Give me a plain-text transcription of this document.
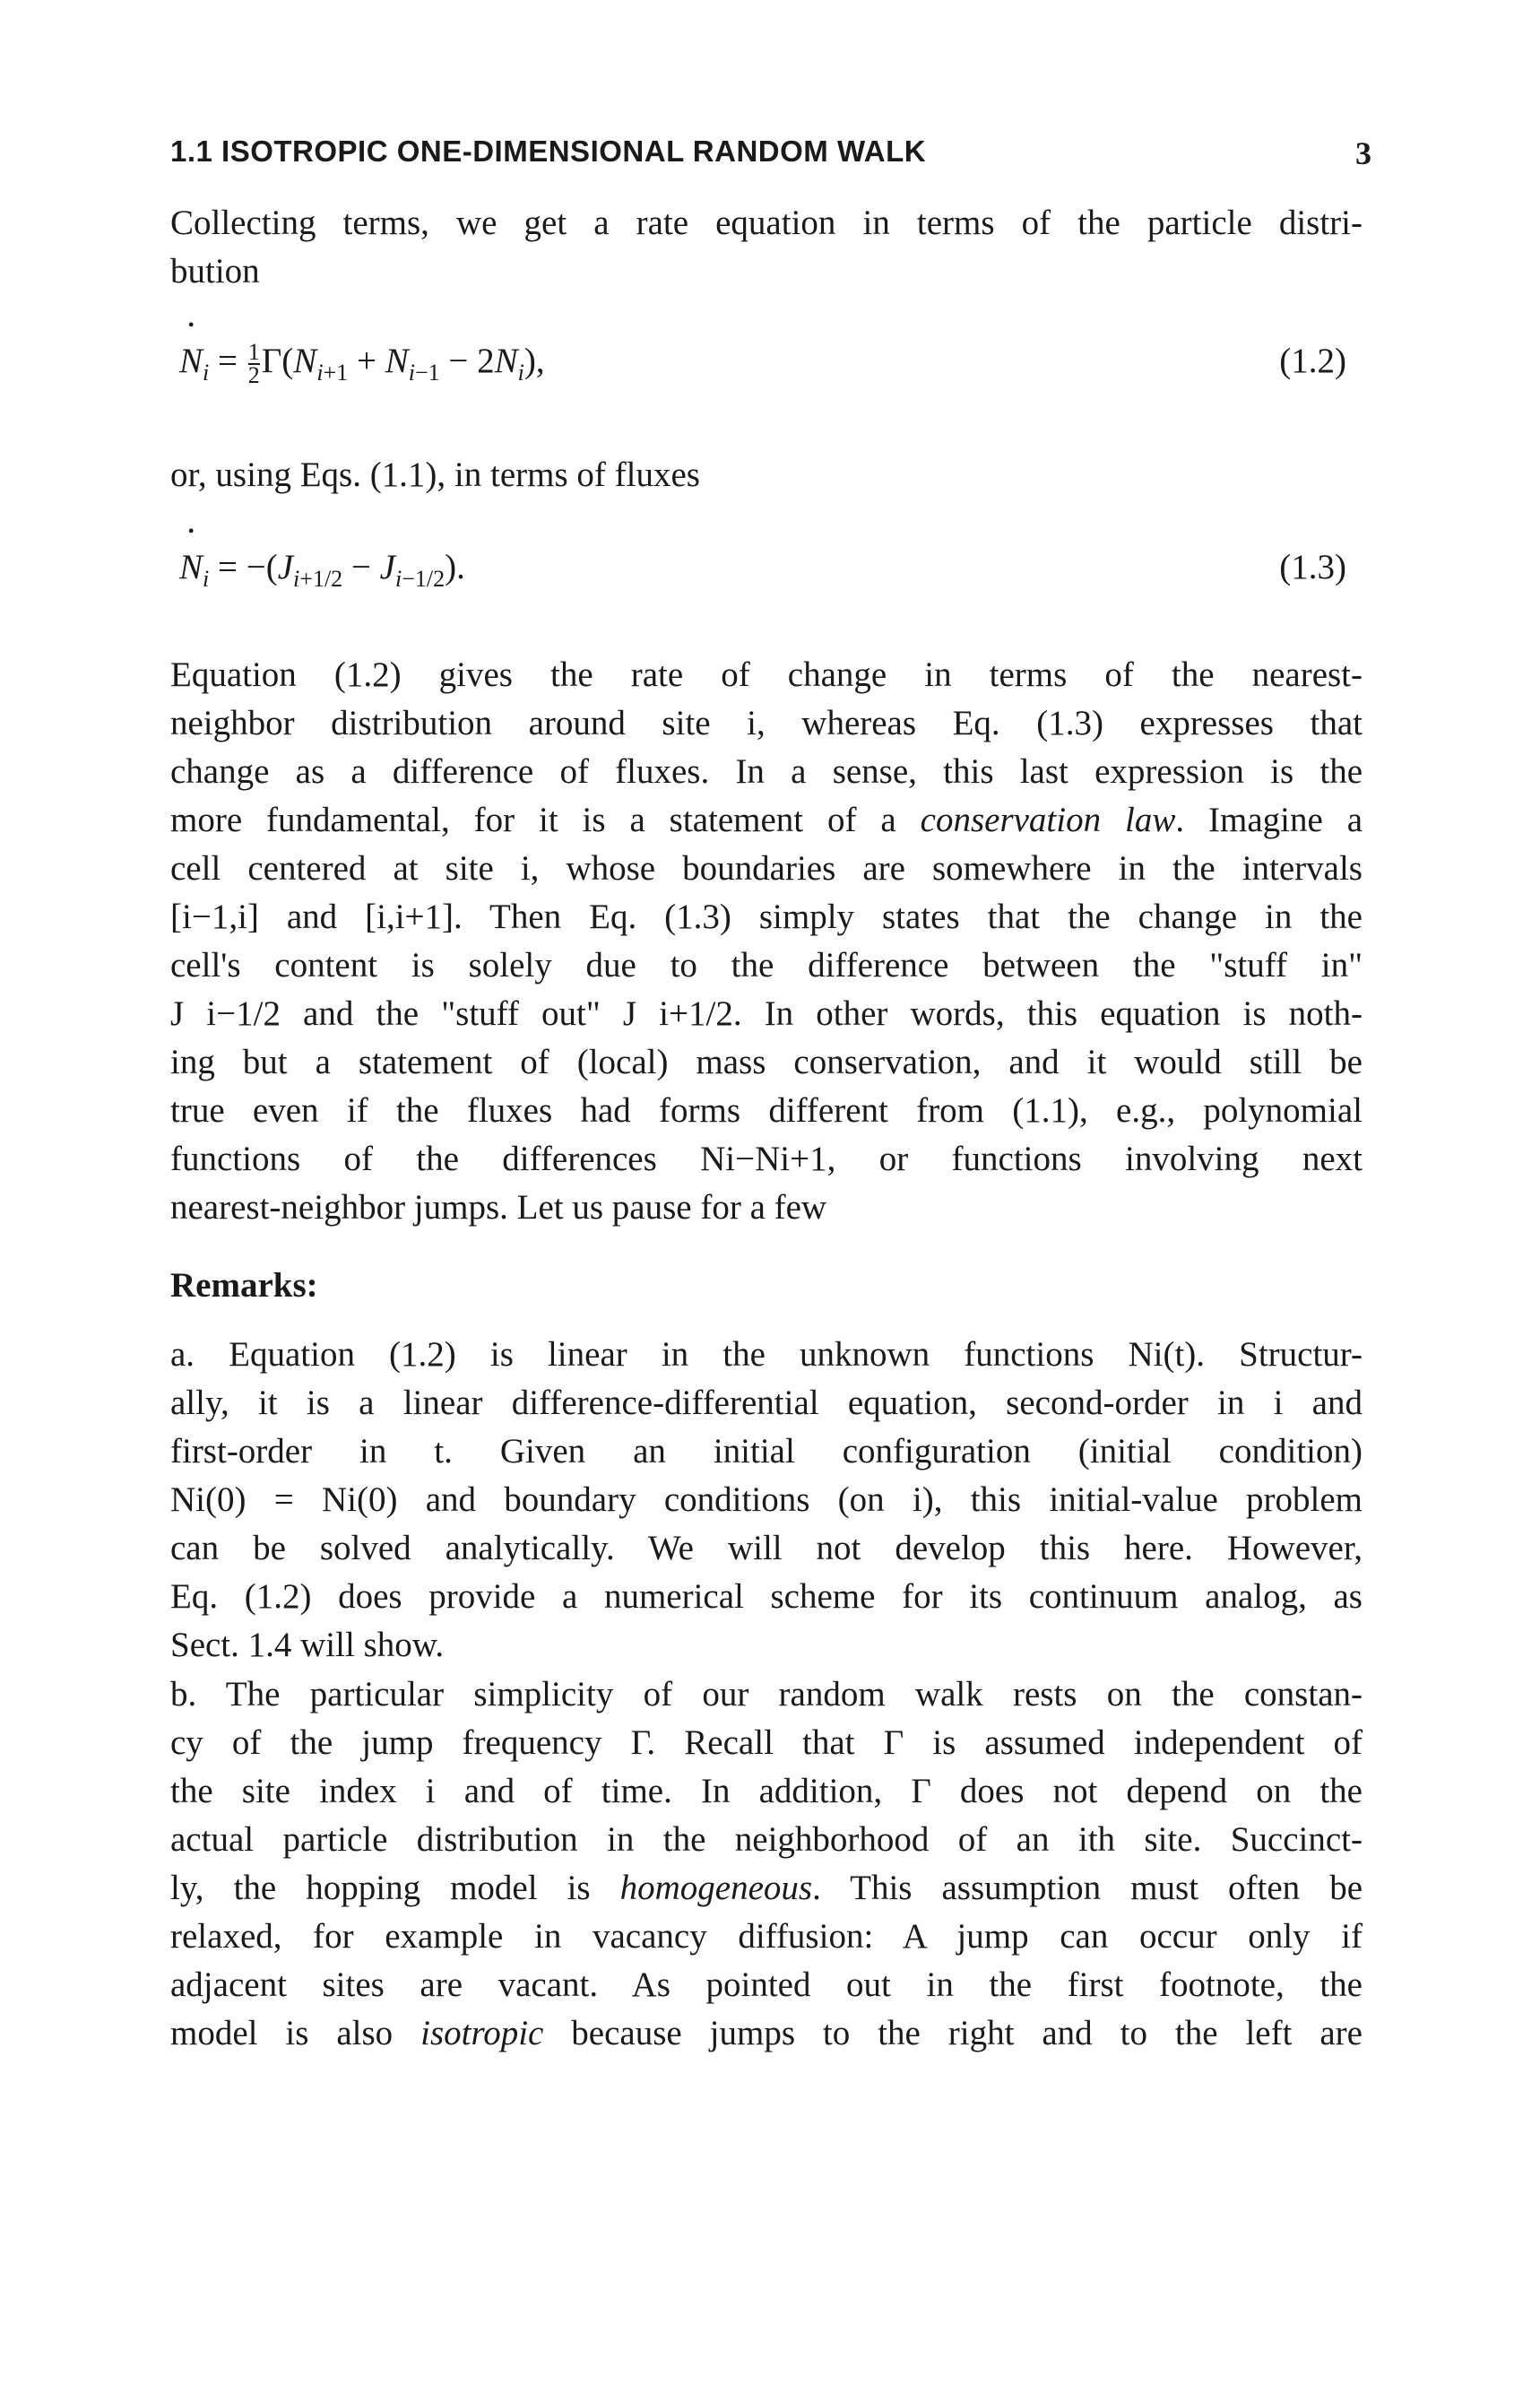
1.1 ISOTROPIC ONE-DIMENSIONAL RANDOM WALK	3

Collecting terms, we get a rate equation in terms of the particle distri-
bution

• $N_i = \frac{1}{2} \Gamma(N_{i+1} + N_{i-1} - 2N_i)$,	(1.2)

or, using Eqs. (1.1), in terms of fluxes

• $N_i = -(J_{i+1/2} - J_{i-1/2})$.	(1.3)

Equation (1.2) gives the rate of change in terms of the nearest-
neighbor distribution around site i, whereas Eq. (1.3) expresses that
change as a difference of fluxes. In a sense, this last expression is the
more fundamental, for it is a statement of a conservation law. Imagine a
cell centered at site i, whose boundaries are somewhere in the intervals
[i−1,i] and [i,i+1]. Then Eq. (1.3) simply states that the change in the
cell's content is solely due to the difference between the "stuff in"
J i−1/2 and the "stuff out" J i+1/2. In other words, this equation is noth-
ing but a statement of (local) mass conservation, and it would still be
true even if the fluxes had forms different from (1.1), e.g., polynomial
functions of the differences Ni−Ni+1, or functions involving next
nearest-neighbor jumps. Let us pause for a few

Remarks:

a. Equation (1.2) is linear in the unknown functions Ni(t). Structur-
ally, it is a linear difference-differential equation, second-order in i and
first-order in t. Given an initial configuration (initial condition)
Ni(0) = Ni(0) and boundary conditions (on i), this initial-value problem
can be solved analytically. We will not develop this here. However,
Eq. (1.2) does provide a numerical scheme for its continuum analog, as
Sect. 1.4 will show.

b. The particular simplicity of our random walk rests on the constan-
cy of the jump frequency Γ. Recall that Γ is assumed independent of
the site index i and of time. In addition, Γ does not depend on the
actual particle distribution in the neighborhood of an ith site. Succinct-
ly, the hopping model is homogeneous. This assumption must often be
relaxed, for example in vacancy diffusion: A jump can occur only if
adjacent sites are vacant. As pointed out in the first footnote, the
model is also isotropic because jumps to the right and to the left are
